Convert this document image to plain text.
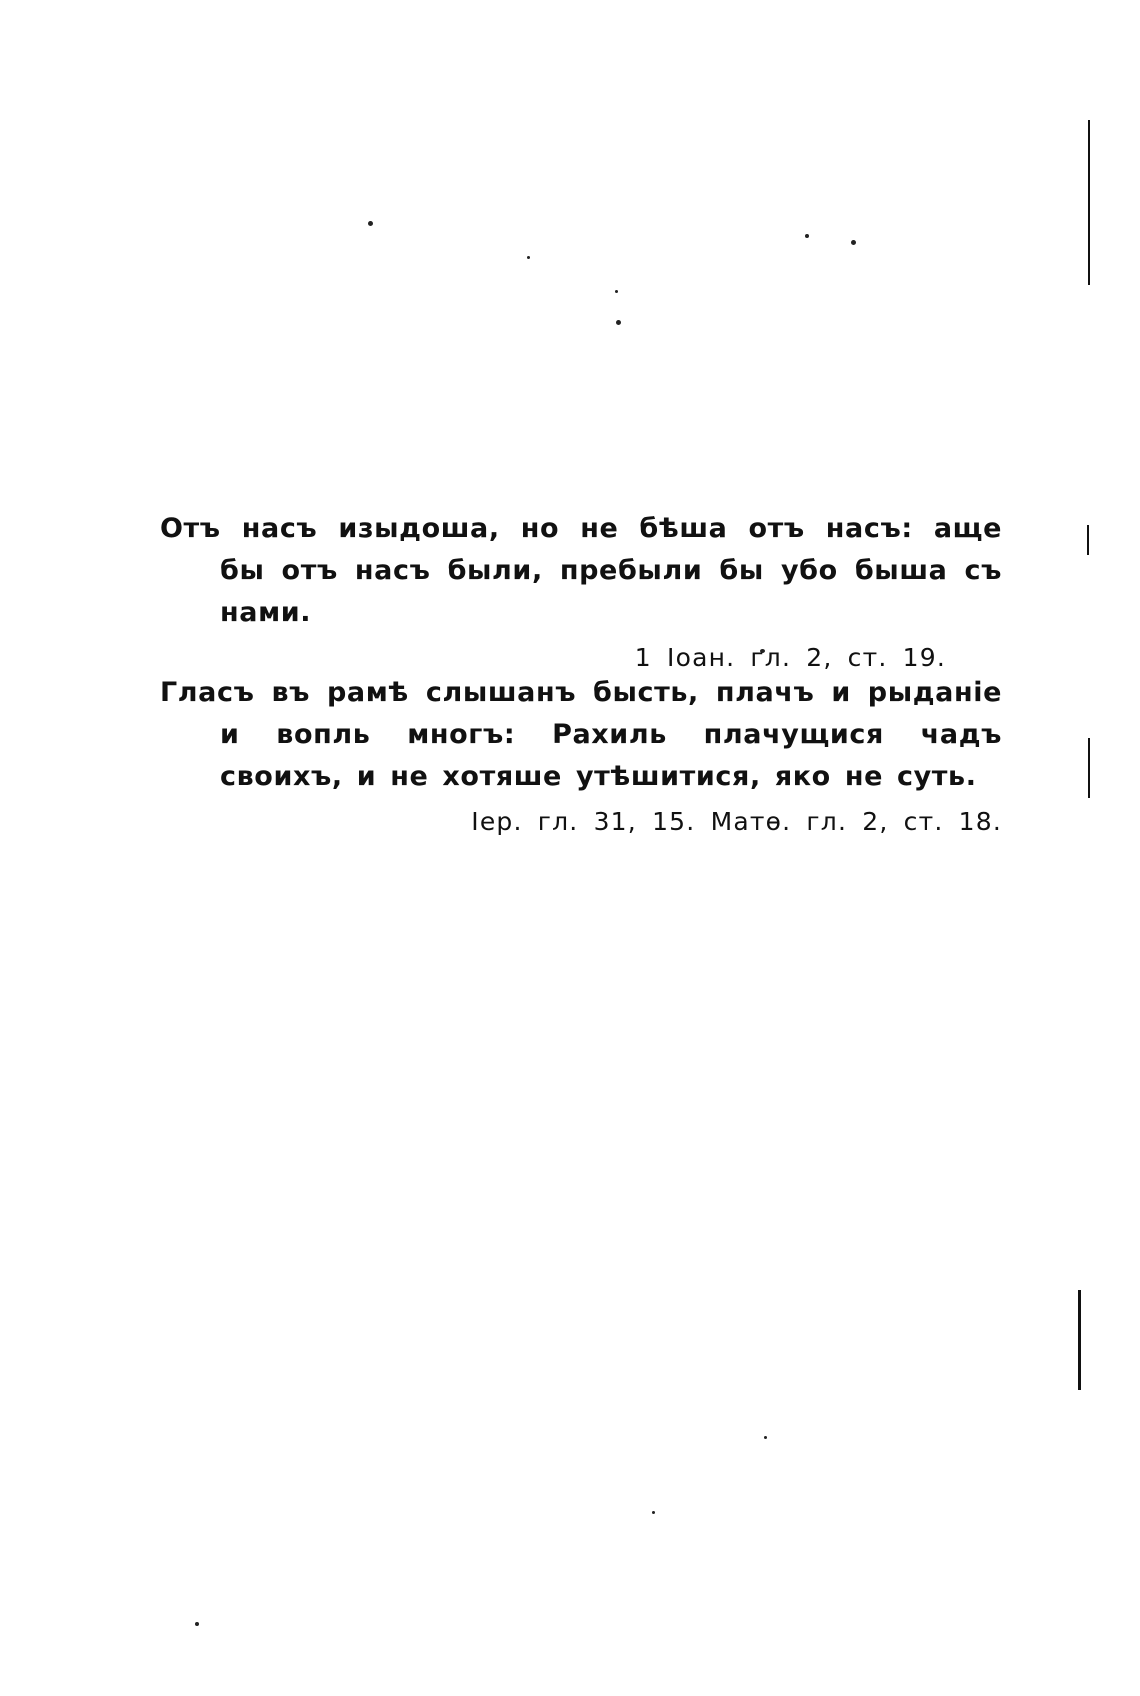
Отъ насъ изыдоша, но не бѣша отъ насъ: аще бы отъ насъ были, пребыли бы убо быша съ нами.

1 Іоан. гл. 2, ст. 19.

Гласъ въ рамѣ слышанъ бысть, плачъ и рыданіе и вопль многъ: Рахиль плачущися чадъ своихъ, и не хотяше утѣшитися, яко не суть.

Іер. гл. 31, 15. Матѳ. гл. 2, ст. 18.
